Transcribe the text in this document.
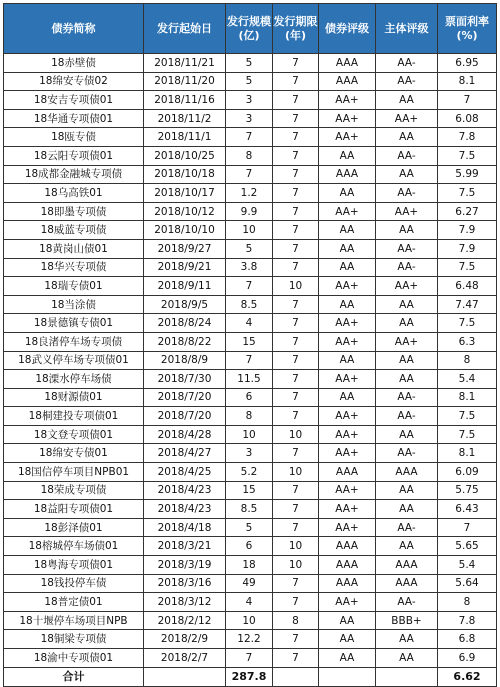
债券简称	发行起始日	发行规模(亿)	发行期限(年)	债券评级	主体评级	票面利率(%)
18赤壁债	2018/11/21	5	7	AAA	AA-	6.95
18绵安专债02	2018/11/20	5	7	AAA	AA-	8.1
18安吉专项债01	2018/11/16	3	7	AA+	AA	7
18华通专项债01	2018/11/2	3	7	AA+	AA+	6.08
18瓯专债	2018/11/1	7	7	AA+	AA	7.8
18云阳专项债01	2018/10/25	8	7	AA	AA-	7.5
18成都金融城专项债	2018/10/18	7	7	AAA	AA	5.99
18乌高铁01	2018/10/17	1.2	7	AA	AA-	7.5
18即墨专项债	2018/10/12	9.9	7	AA+	AA+	6.27
18威蓝专项债	2018/10/10	10	7	AA	AA	7.9
18黄岗山债01	2018/9/27	5	7	AA	AA-	7.9
18华兴专项债	2018/9/21	3.8	7	AA	AA-	7.5
18瑞专债01	2018/9/11	7	10	AA+	AA+	6.48
18当涂债	2018/9/5	8.5	7	AA	AA	7.47
18景德镇专债01	2018/8/24	4	7	AA+	AA	7.5
18良渚停车场专项债	2018/8/22	15	7	AA+	AA+	6.3
18武义停车场专项债01	2018/8/9	7	7	AA	AA	8
18溧水停车场债	2018/7/30	11.5	7	AA+	AA	5.4
18财源债01	2018/7/20	6	7	AA	AA-	8.1
18桐建投专项债01	2018/7/20	8	7	AA+	AA-	7.5
18文登专项债01	2018/4/28	10	10	AA+	AA	7.5
18绵安专债01	2018/4/27	3	7	AA+	AA-	8.1
18国信停车项目NPB01	2018/4/25	5.2	10	AAA	AAA	6.09
18荣成专项债	2018/4/23	15	7	AA+	AA	5.75
18益阳专项债01	2018/4/23	8.5	7	AA+	AA	6.43
18彭泽债01	2018/4/18	5	7	AA+	AA-	7
18榕城停车场债01	2018/3/21	6	10	AAA	AA	5.65
18粤海专项债01	2018/3/19	18	10	AAA	AAA	5.4
18钱投停车债	2018/3/16	49	7	AAA	AAA	5.64
18普定债01	2018/3/12	4	7	AA+	AA-	8
18十堰停车场项目NPB	2018/2/12	10	8	AA	BBB+	7.8
18铜梁专项债	2018/2/9	12.2	7	AA	AA	6.8
18渝中专项债01	2018/2/7	7	7	AA	AA	6.9
合计		287.8				6.62
